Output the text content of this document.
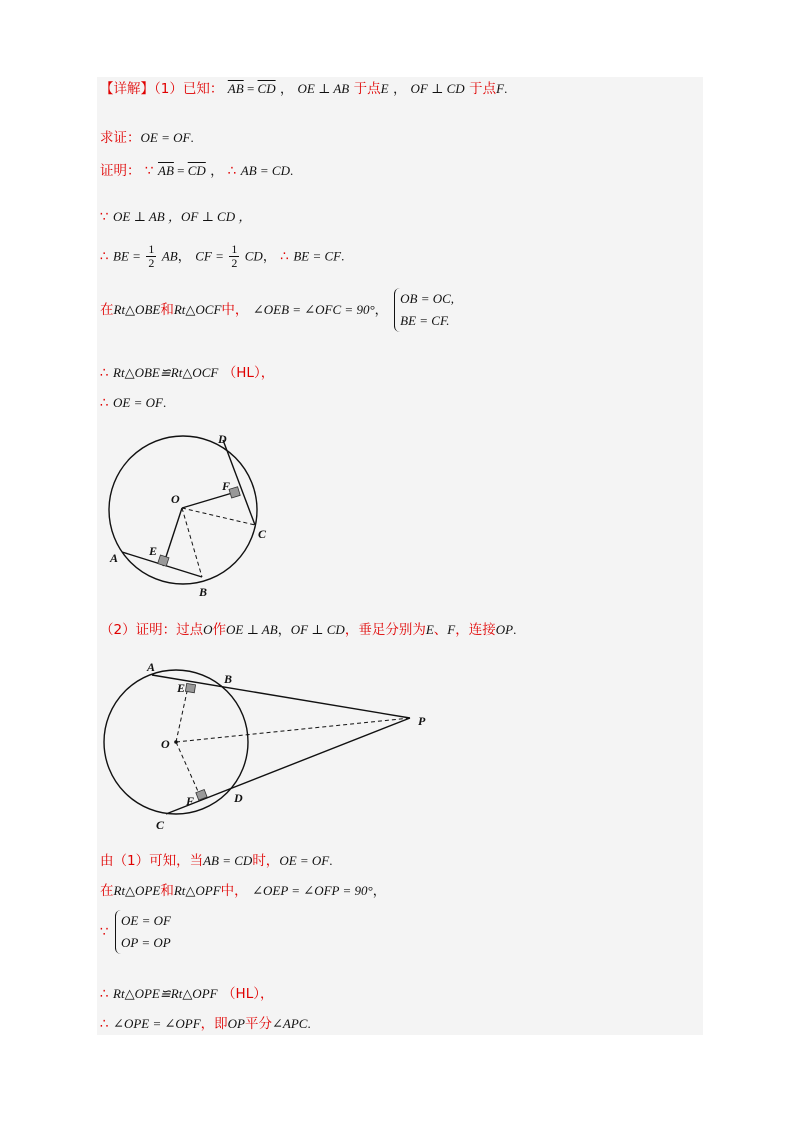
【详解】（1）已知： $\overline{AB} = \overline{CD}$ ， OE ⊥ AB 于点E ， OF ⊥ CD 于点F.
求证：OE = OF.
证明： ∵ $\overline{AB} = \overline{CD}$ ， ∴ AB = CD.
∵ OE ⊥ AB ，OF ⊥ CD ，
∴ BE = $\frac{1}{2}$ AB， CF = $\frac{1}{2}$ CD， ∴ BE = CF.
在Rt△OBE和Rt△OCF中， ∠OEB = ∠OFC = 90°，
OB = OC,
BE = CF.
∴ Rt△OBE≌Rt△OCF （HL），
∴ OE = OF.
D
F
O
C
E
A
B
（2）证明：过点O作OE ⊥ AB，OF ⊥ CD，垂足分别为E、F，连接OP.
A
B
E
P
O
D
F
C
由（1）可知，当AB = CD时，OE = OF.
在Rt△OPE和Rt△OPF中， ∠OEP = ∠OFP = 90°，
∵
OE = OF
OP = OP
∴ Rt△OPE≌Rt△OPF （HL），
∴ ∠OPE = ∠OPF，即OP平分∠APC.
